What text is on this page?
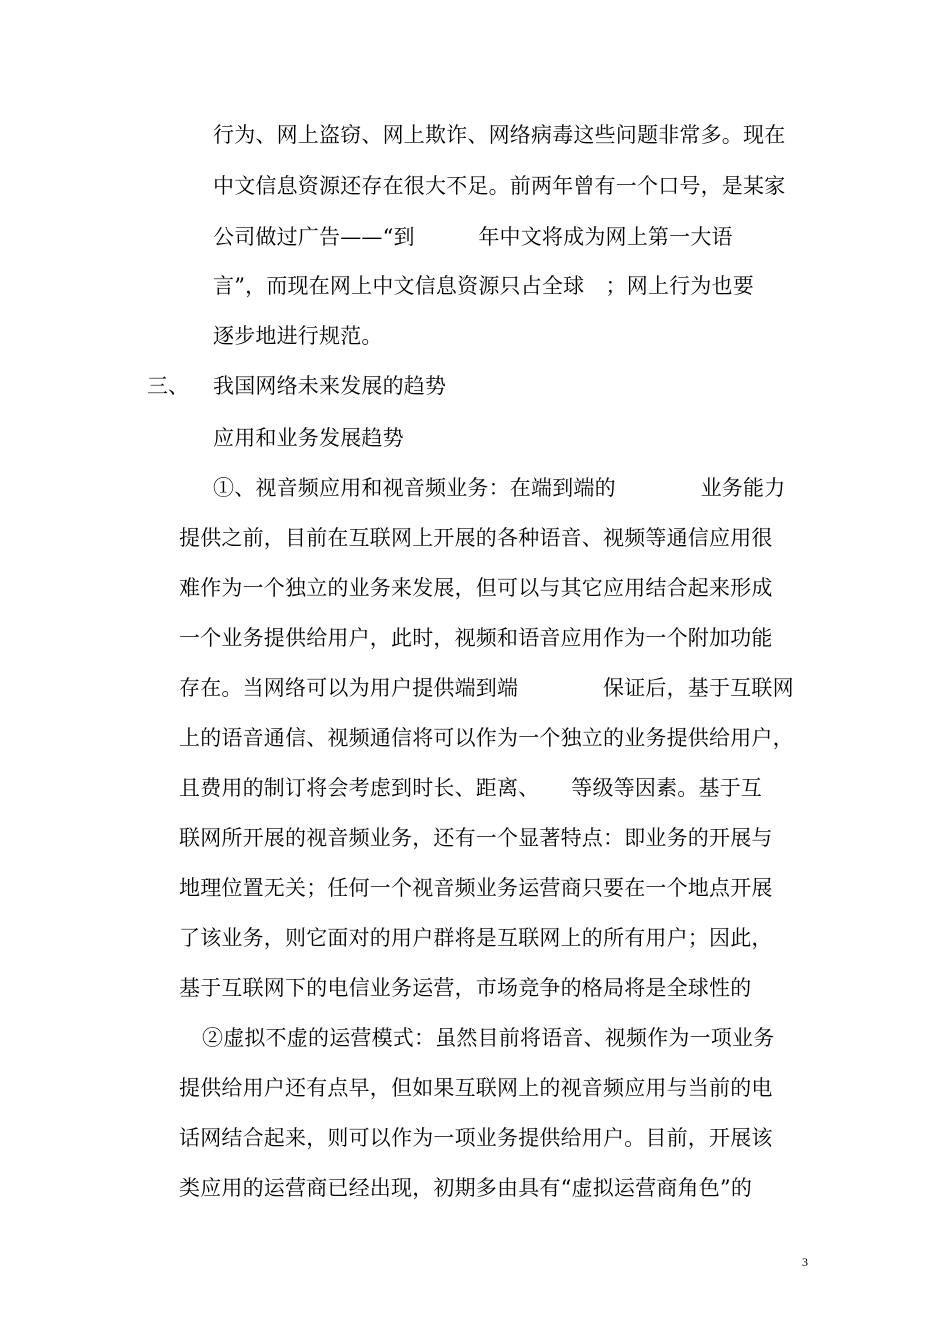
行为、网上盗窃、网上欺诈、网络病毒这些问题非常多。现在
中文信息资源还存在很大不足。前两年曾有一个口号，是某家
公司做过广告——“到　　　年中文将成为网上第一大语
言”，而现在网上中文信息资源只占全球　；网上行为也要
逐步地进行规范。
三、 我国网络未来发展的趋势
应用和业务发展趋势
①、视音频应用和视音频业务：在端到端的　　　　业务能力
提供之前，目前在互联网上开展的各种语音、视频等通信应用很
难作为一个独立的业务来发展，但可以与其它应用结合起来形成
一个业务提供给用户，此时，视频和语音应用作为一个附加功能
存在。当网络可以为用户提供端到端　　　　保证后，基于互联网
上的语音通信、视频通信将可以作为一个独立的业务提供给用户，
且费用的制订将会考虑到时长、距离、　　等级等因素。基于互
联网所开展的视音频业务，还有一个显著特点：即业务的开展与
地理位置无关；任何一个视音频业务运营商只要在一个地点开展
了该业务，则它面对的用户群将是互联网上的所有用户；因此，
基于互联网下的电信业务运营，市场竞争的格局将是全球性的
②虚拟不虚的运营模式：虽然目前将语音、视频作为一项业务
提供给用户还有点早，但如果互联网上的视音频应用与当前的电
话网结合起来，则可以作为一项业务提供给用户。目前，开展该
类应用的运营商已经出现，初期多由具有“虚拟运营商角色”的
3
